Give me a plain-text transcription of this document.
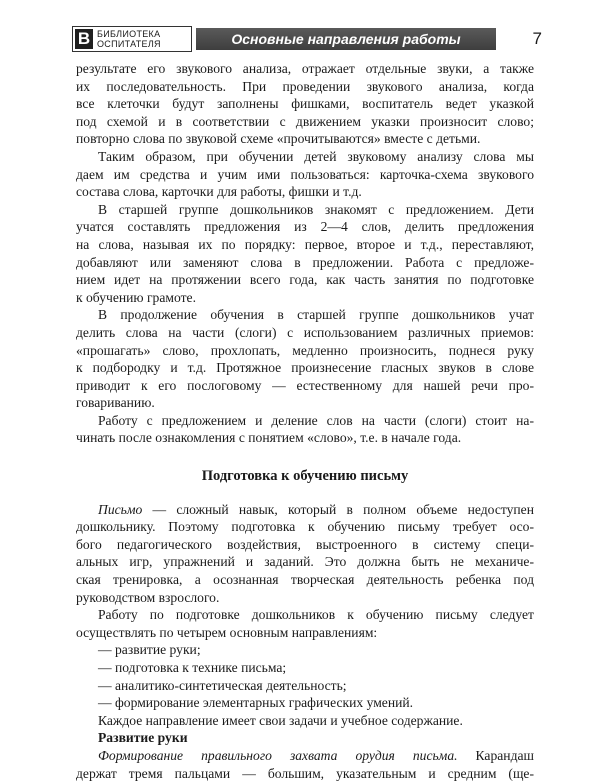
В БИБЛИОТЕКА
ОСПИТАТЕЛЯ	Основные направления работы	7
результате его звукового анализа, отражает отдельные звуки, а также
их последовательность. При проведении звукового анализа, когда
все клеточки будут заполнены фишками, воспитатель ведет указкой
под схемой и в соответствии с движением указки произносит слово;
повторно слова по звуковой схеме «прочитываются» вместе с детьми.
Таким образом, при обучении детей звуковому анализу слова мы
даем им средства и учим ими пользоваться: карточка-схема звукового
состава слова, карточки для работы, фишки и т.д.
В старшей группе дошкольников знакомят с предложением. Дети
учатся составлять предложения из 2—4 слов, делить предложения
на слова, называя их по порядку: первое, второе и т.д., переставляют,
добавляют или заменяют слова в предложении. Работа с предложе-
нием идет на протяжении всего года, как часть занятия по подготовке
к обучению грамоте.
В продолжение обучения в старшей группе дошкольников учат
делить слова на части (слоги) с использованием различных приемов:
«прошагать» слово, прохлопать, медленно произносить, поднеся руку
к подбородку и т.д. Протяжное произнесение гласных звуков в слове
приводит к его послоговому — естественному для нашей речи про-
говариванию.
Работу с предложением и деление слов на части (слоги) стоит на-
чинать после ознакомления с понятием «слово», т.е. в начале года.
Подготовка к обучению письму
Письмо — сложный навык, который в полном объеме недоступен
дошкольнику. Поэтому подготовка к обучению письму требует осо-
бого педагогического воздействия, выстроенного в систему специ-
альных игр, упражнений и заданий. Это должна быть не механиче-
ская тренировка, а осознанная творческая деятельность ребенка под
руководством взрослого.
Работу по подготовке дошкольников к обучению письму следует
осуществлять по четырем основным направлениям:
— развитие руки;
— подготовка к технике письма;
— аналитико-синтетическая деятельность;
— формирование элементарных графических умений.
Каждое направление имеет свои задачи и учебное содержание.
Развитие руки
Формирование правильного захвата орудия письма. Карандаш
держат тремя пальцами — большим, указательным и средним (ще-
